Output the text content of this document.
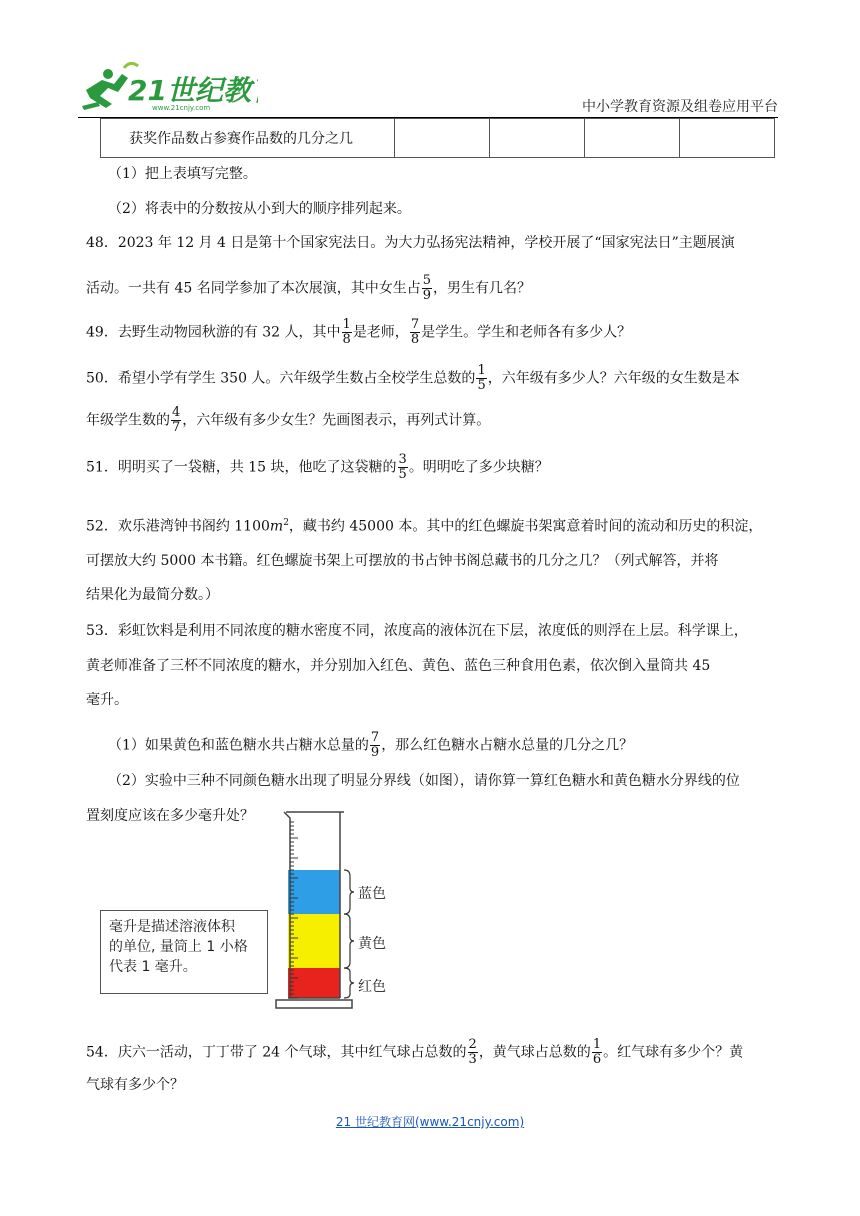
21世纪教
www.21cnjy.com	中小学教育资源及组卷应用平台
获奖作品数占参赛作品数的几分之几				
（1）把上表填写完整。
（2）将表中的分数按从小到大的顺序排列起来。
48．2023 年 12 月 4 日是第十个国家宪法日。为大力弘扬宪法精神，学校开展了“国家宪法日”主题展演
活动。一共有 45 名同学参加了本次展演，其中女生占 $\frac{5}{9}$ ，男生有几名？
49．去野生动物园秋游的有 32 人，其中 $\frac{1}{8}$ 是老师， $\frac{7}{8}$ 是学生。学生和老师各有多少人？
50．希望小学有学生 350 人。六年级学生数占全校学生总数的 $\frac{1}{5}$ ，六年级有多少人？六年级的女生数是本
年级学生数的 $\frac{4}{7}$ ，六年级有多少女生？先画图表示，再列式计算。
51．明明买了一袋糖，共 15 块，他吃了这袋糖的 $\frac{3}{5}$ 。明明吃了多少块糖？
52．欢乐港湾钟书阁约 $1100m^2$，藏书约 45000 本。其中的红色螺旋书架寓意着时间的流动和历史的积淀，
可摆放大约 5000 本书籍。红色螺旋书架上可摆放的书占钟书阁总藏书的几分之几？（列式解答，并将
结果化为最简分数。）
53．彩虹饮料是利用不同浓度的糖水密度不同，浓度高的液体沉在下层，浓度低的则浮在上层。科学课上，
黄老师准备了三杯不同浓度的糖水，并分别加入红色、黄色、蓝色三种食用色素，依次倒入量筒共 45
毫升。
（1）如果黄色和蓝色糖水共占糖水总量的 $\frac{7}{9}$ ，那么红色糖水占糖水总量的几分之几？
（2）实验中三种不同颜色糖水出现了明显分界线（如图），请你算一算红色糖水和黄色糖水分界线的位
置刻度应该在多少毫升处？
毫升是描述溶液体积
的单位, 量筒上 1 小格
代表 1 毫升。
蓝色
黄色
红色
54．庆六一活动，丁丁带了 24 个气球，其中红气球占总数的 $\frac{2}{3}$ ，黄气球占总数的 $\frac{1}{6}$ 。红气球有多少个？黄
气球有多少个？
21 世纪教育网(www.21cnjy.com)
